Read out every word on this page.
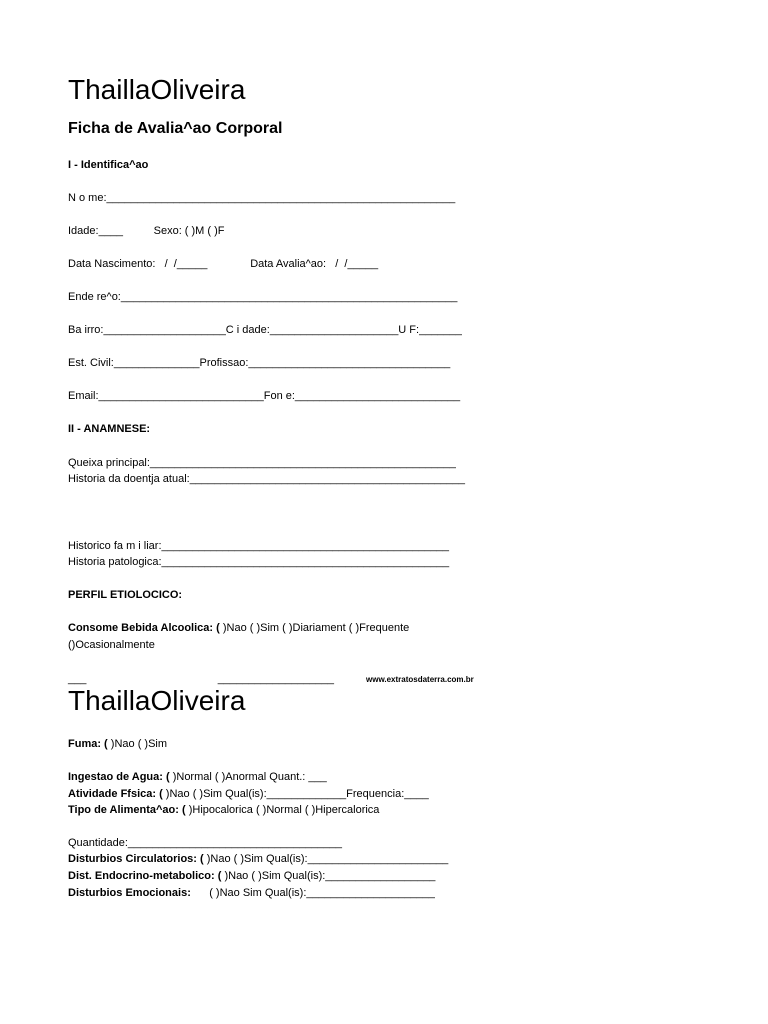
ThaillaOliveira
Ficha de Avalia^ao Corporal
I - Identifica^ao
N ο me:_________________________________________________________
Idade:____          Sexo: ( )M ( )F
Data Nascimento:   /  /_____              Data Avalia^ao:   /  /_____
Ende re^o:_______________________________________________________
Ba irro:____________________C i dade:_____________________U F:_______
Est. Civil:______________Profissao:_________________________________
Email:___________________________Fon e:___________________________
II - ANAMNESE:
Queixa principal:__________________________________________________
Historia da doentja atual:_____________________________________________
Historico fa m i liar:_______________________________________________
Historia patologica:_______________________________________________
PERFIL ETIOLOCICO:
Consome Bebida Alcoolica: ( )Nao ( )Sim ( )Diariament ( )Frequente
()Ocasionalmente
___                                           ___________________	www.extratosdaterra.com.br
ThaillaOliveira
Fuma: ( )Nao ( )Sim
Ingestao de Agua: ( )Normal ( )Anormal Quant.: ___
Atividade Ffsica: ( )Nao ( )Sim Qual(is):_____________Frequencia:____
Tipo de Alimenta^ao: ( )Hipocalorica ( )Normal ( )Hipercalorica
Quantidade:___________________________________
Disturbios Circulatorios: ( )Nao ( )Sim Qual(is):_______________________
Dist. Endocrino-metabolico: ( )Nao ( )Sim Qual(is):__________________
Disturbios Emocionais:      ( )Nao Sim Qual(is):_____________________
